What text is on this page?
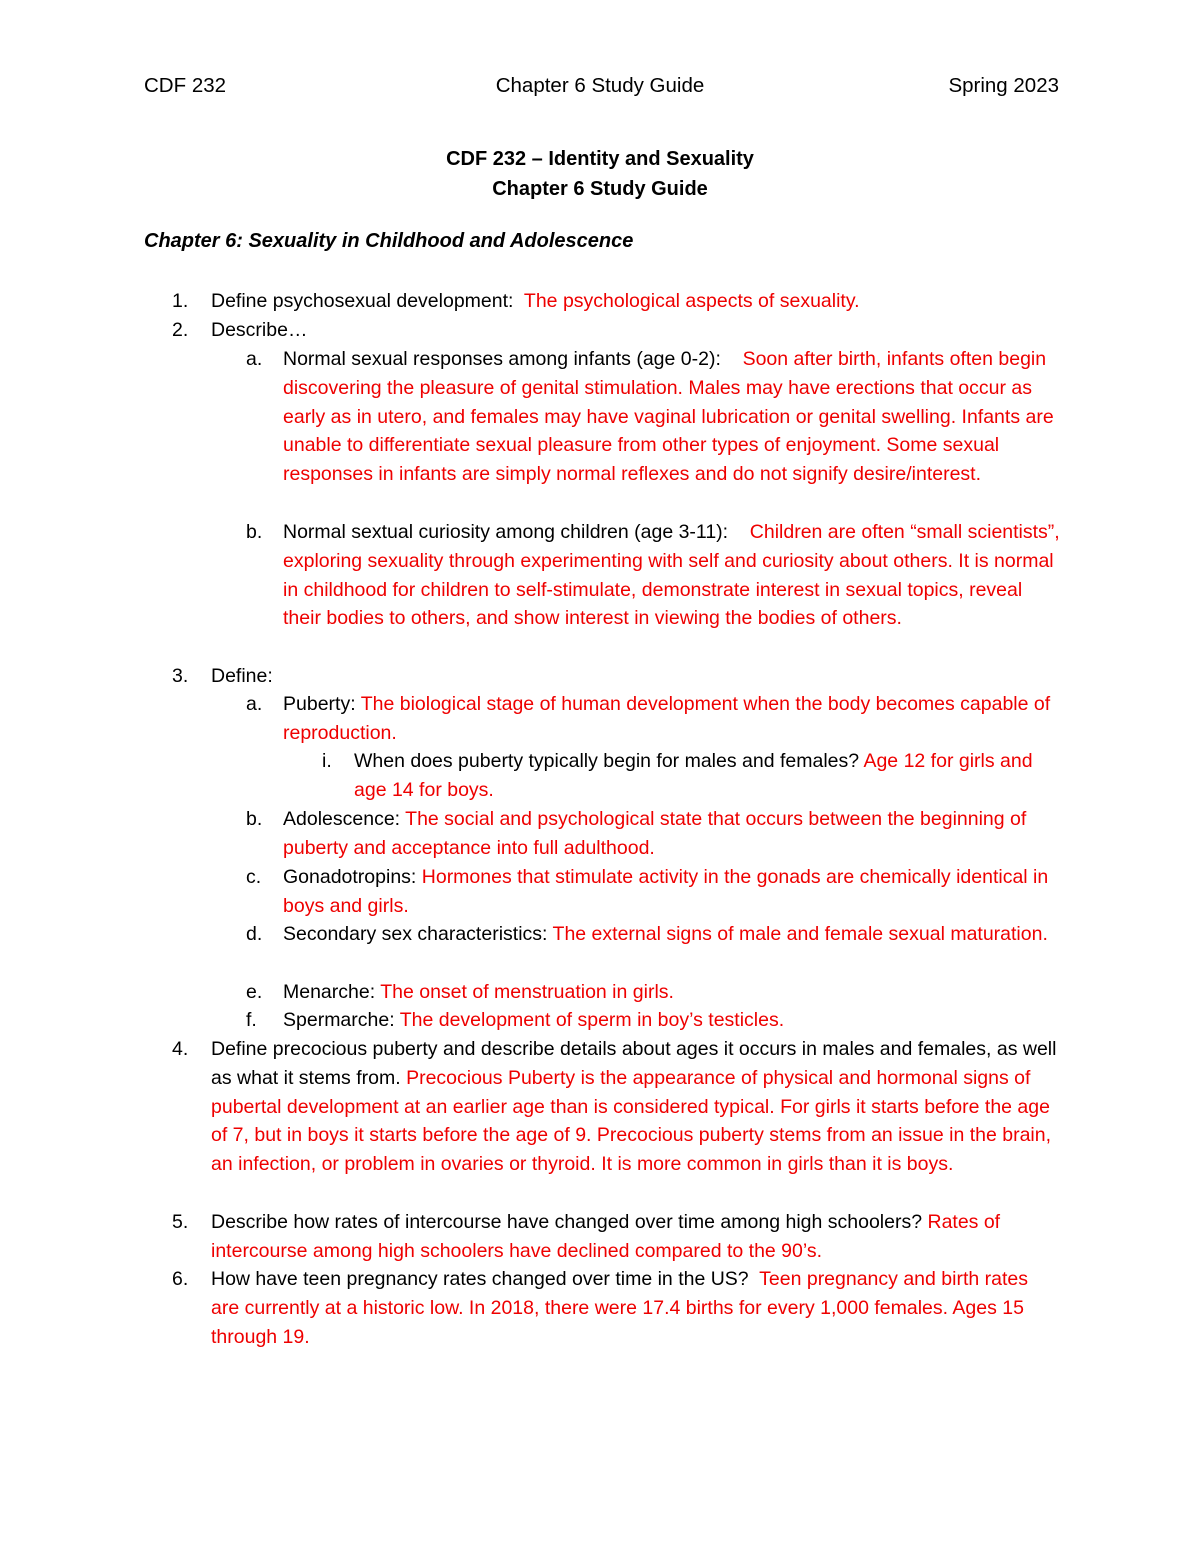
CDF 232	Chapter 6 Study Guide	Spring 2023
CDF 232 – Identity and Sexuality
Chapter 6 Study Guide
Chapter 6: Sexuality in Childhood and Adolescence
1.	Define psychosexual development: The psychological aspects of sexuality.
2.	Describe…
a.	Normal sexual responses among infants (age 0-2): Soon after birth, infants often begin discovering the pleasure of genital stimulation. Males may have erections that occur as early as in utero, and females may have vaginal lubrication or genital swelling. Infants are unable to differentiate sexual pleasure from other types of enjoyment. Some sexual responses in infants are simply normal reflexes and do not signify desire/interest.
b.	Normal sextual curiosity among children (age 3-11): Children are often “small scientists”, exploring sexuality through experimenting with self and curiosity about others. It is normal in childhood for children to self-stimulate, demonstrate interest in sexual topics, reveal their bodies to others, and show interest in viewing the bodies of others.
3.	Define:
a.	Puberty: The biological stage of human development when the body becomes capable of reproduction.
i.	When does puberty typically begin for males and females? Age 12 for girls and age 14 for boys.
b.	Adolescence: The social and psychological state that occurs between the beginning of puberty and acceptance into full adulthood.
c.	Gonadotropins: Hormones that stimulate activity in the gonads are chemically identical in boys and girls.
d.	Secondary sex characteristics: The external signs of male and female sexual maturation.
e.	Menarche: The onset of menstruation in girls.
f.	Spermarche: The development of sperm in boy’s testicles.
4.	Define precocious puberty and describe details about ages it occurs in males and females, as well as what it stems from. Precocious Puberty is the appearance of physical and hormonal signs of pubertal development at an earlier age than is considered typical. For girls it starts before the age of 7, but in boys it starts before the age of 9. Precocious puberty stems from an issue in the brain, an infection, or problem in ovaries or thyroid. It is more common in girls than it is boys.
5.	Describe how rates of intercourse have changed over time among high schoolers? Rates of intercourse among high schoolers have declined compared to the 90’s.
6.	How have teen pregnancy rates changed over time in the US? Teen pregnancy and birth rates are currently at a historic low. In 2018, there were 17.4 births for every 1,000 females. Ages 15 through 19.
